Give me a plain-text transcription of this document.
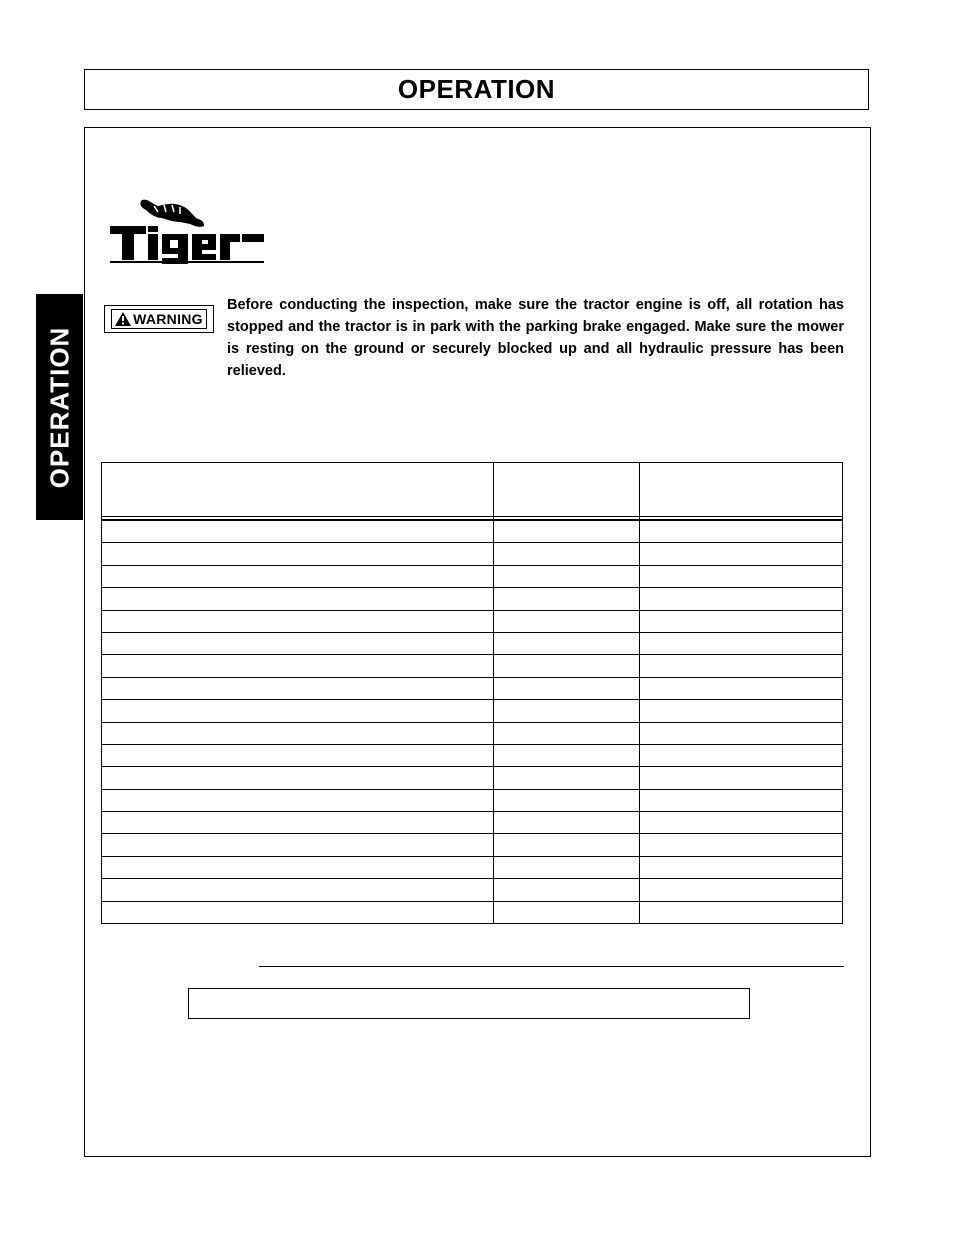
OPERATION
OPERATION
WARNING

Before conducting the inspection, make sure the tractor engine is off, all rotation has stopped and the tractor is in park with the parking brake engaged. Make sure the mower is resting on the ground or securely blocked up and all hydraulic pressure has been relieved.
